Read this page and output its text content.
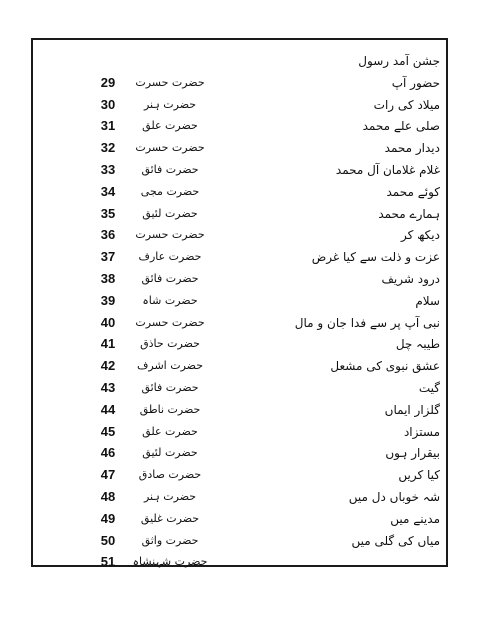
جشن آمد رسول
29	حضرت حسرت	حضور آپ
30	حضرت ہنر	میلاد کی رات
31	حضرت علق	صلی علے محمد
32	حضرت حسرت	دیدار محمد
33	حضرت فائق	غلام غلامان آل محمد
34	حضرت مجی	کوئے محمد
35	حضرت لئیق	ہمارے محمد
36	حضرت حسرت	دیکھ کر
37	حضرت عارف	عزت و ذلت سے کیا غرض
38	حضرت فائق	درود شریف
39	حضرت شاہ	سلام
40	حضرت حسرت	نبی آپ پر سے فدا جان و مال
41	حضرت حاذق	طیبہ چل
42	حضرت اشرف	عشق نبوی کی مشعل
43	حضرت فائق	گیت
44	حضرت ناطق	گلزار ایماں
45	حضرت علق	مستزاد
46	حضرت لئیق	بیقرار ہوں
47	حضرت صادق	کیا کریں
48	حضرت ہنر	شہ خوباں دل میں
49	حضرت غلیق	مدینے میں
50	حضرت واثق	میاں کی گلی میں
51	حضرت شہنشاہ
